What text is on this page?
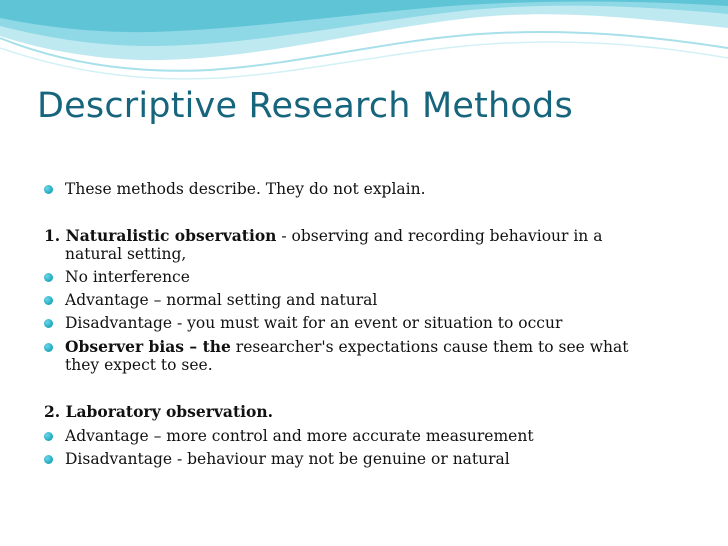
Descriptive Research Methods
These methods describe. They do not explain.
1. Naturalistic observation - observing and recording behaviour in a
natural setting,
No interference
Advantage – normal setting and natural
Disadvantage - you must wait for an event or situation to occur
Observer bias – the researcher's expectations cause them to see what
they expect to see.
2. Laboratory observation.
Advantage – more control and more accurate measurement
Disadvantage - behaviour may not be genuine or natural
